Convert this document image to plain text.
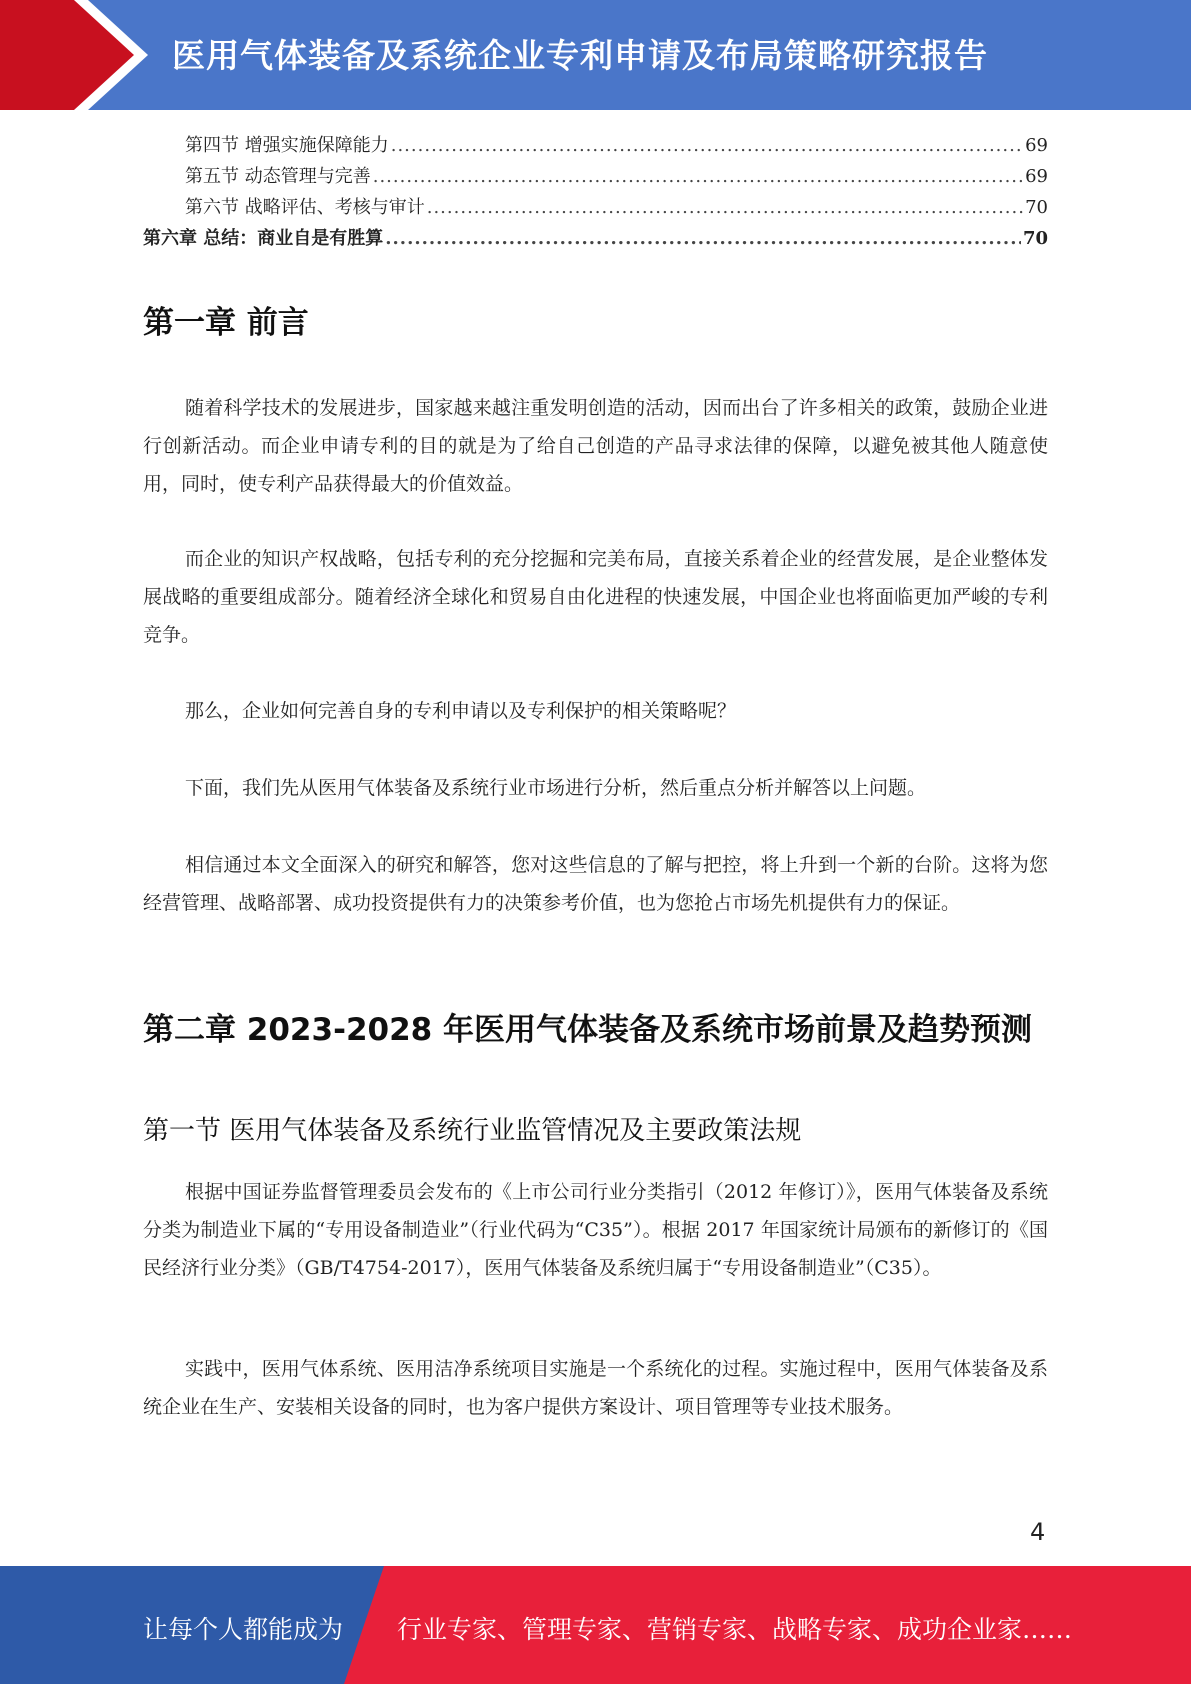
医用气体装备及系统企业专利申请及布局策略研究报告
第四节 增强实施保障能力 .....	69
第五节 动态管理与完善 .....	69
第六节 战略评估、考核与审计 .....	70
第六章 总结：商业自是有胜算 .....	70
第一章 前言

随着科学技术的发展进步，国家越来越注重发明创造的活动，因而出台了许多相关的政策，鼓励企业进行创新活动。而企业申请专利的目的就是为了给自己创造的产品寻求法律的保障，以避免被其他人随意使用，同时，使专利产品获得最大的价值效益。

而企业的知识产权战略，包括专利的充分挖掘和完美布局，直接关系着企业的经营发展，是企业整体发展战略的重要组成部分。随着经济全球化和贸易自由化进程的快速发展，中国企业也将面临更加严峻的专利竞争。

那么，企业如何完善自身的专利申请以及专利保护的相关策略呢？

下面，我们先从医用气体装备及系统行业市场进行分析，然后重点分析并解答以上问题。

相信通过本文全面深入的研究和解答，您对这些信息的了解与把控，将上升到一个新的台阶。这将为您经营管理、战略部署、成功投资提供有力的决策参考价值，也为您抢占市场先机提供有力的保证。

第二章 2023-2028 年医用气体装备及系统市场前景及趋势预测
第一节 医用气体装备及系统行业监管情况及主要政策法规

根据中国证券监督管理委员会发布的《上市公司行业分类指引（2012 年修订）》，医用气体装备及系统分类为制造业下属的“专用设备制造业”（行业代码为“C35”）。根据 2017 年国家统计局颁布的新修订的《国民经济行业分类》（GB/T4754-2017），医用气体装备及系统归属于“专用设备制造业”（C35）。

实践中，医用气体系统、医用洁净系统项目实施是一个系统化的过程。实施过程中，医用气体装备及系统企业在生产、安装相关设备的同时，也为客户提供方案设计、项目管理等专业技术服务。

4
让每个人都能成为 行业专家、管理专家、营销专家、战略专家、成功企业家……
